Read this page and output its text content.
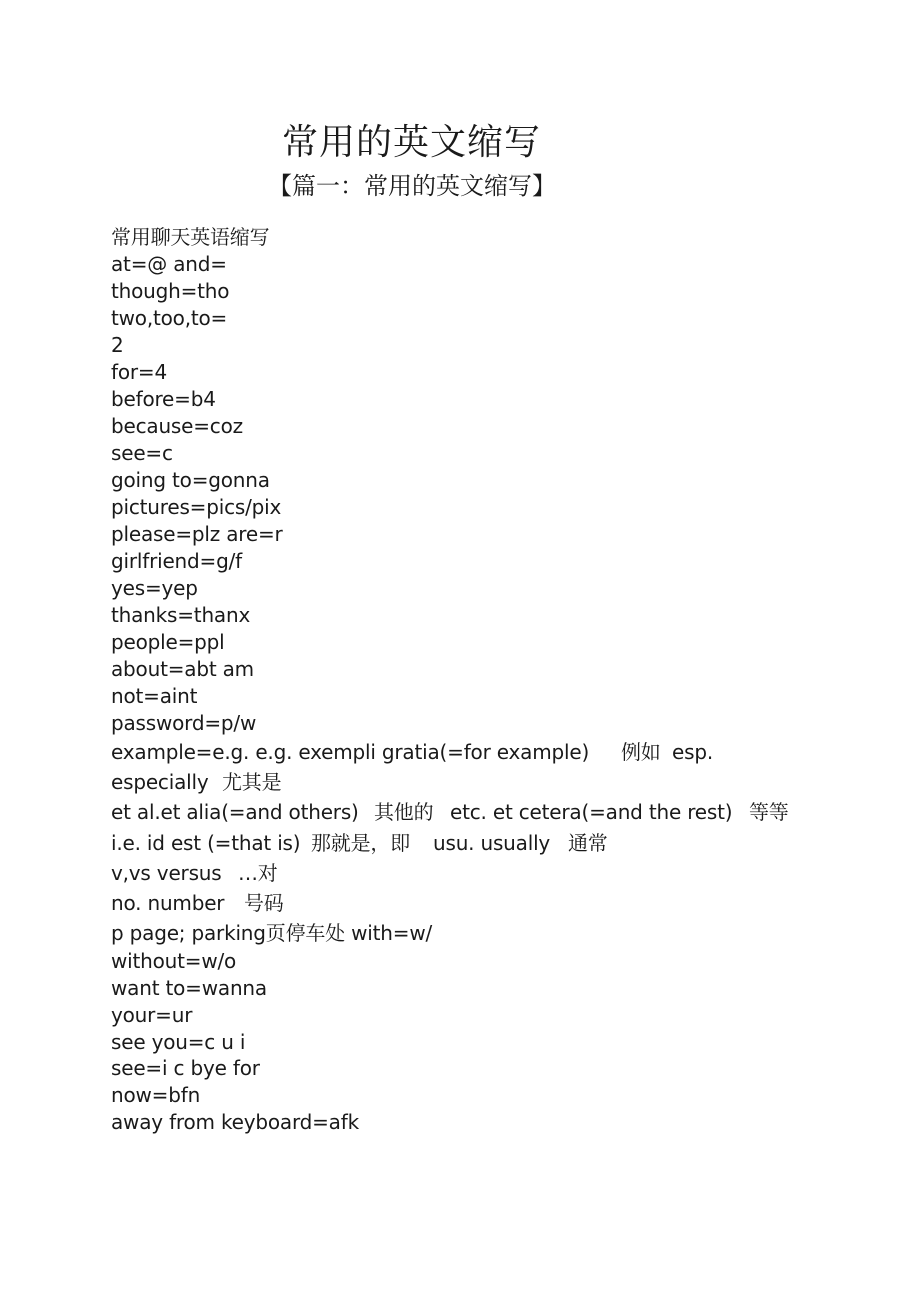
常用的英文缩写
【篇一：常用的英文缩写】
常用聊天英语缩写
at=@ and=
though=tho
two,too,to=
2
for=4
before=b4
because=coz
see=c
going to=gonna
pictures=pics/pix
please=plz are=r
girlfriend=g/f
yes=yep
thanks=thanx
people=ppl
about=abt am
not=aint
password=p/w
example=e.g. e.g. exempli gratia(=for example) 例如 esp.
especially 尤其是
et al.et alia(=and others) 其他的 etc. et cetera(=and the rest) 等等
i.e. id est (=that is) 那就是，即 usu. usually 通常
v,vs versus …对
no. number 号码
p page; parking页停车处 with=w/
without=w/o
want to=wanna
your=ur
see you=c u i
see=i c bye for
now=bfn
away from keyboard=afk
